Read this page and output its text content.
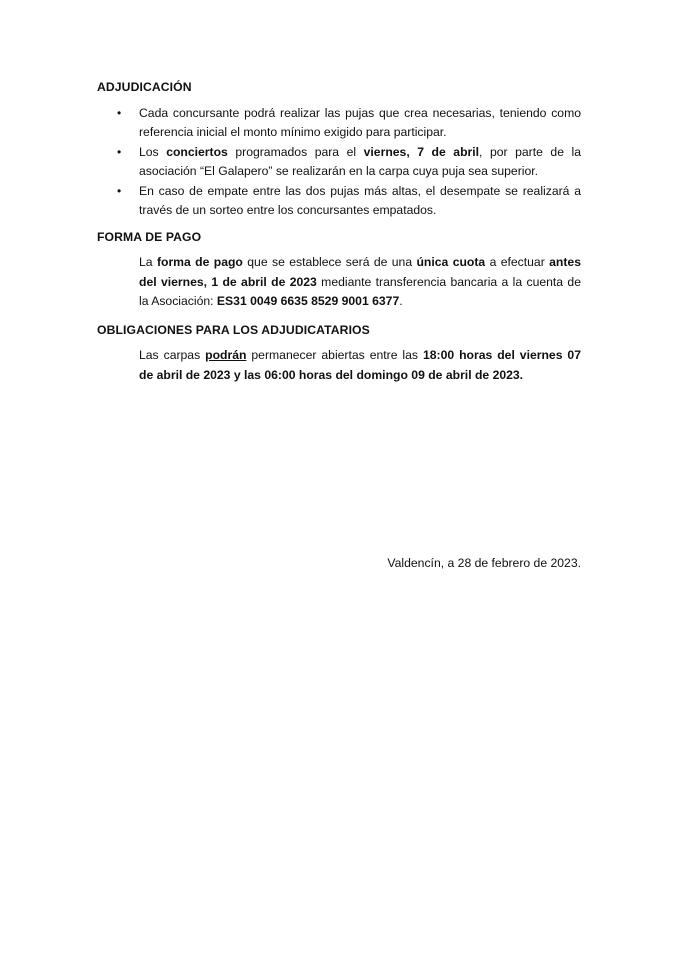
ADJUDICACIÓN
• Cada concursante podrá realizar las pujas que crea necesarias, teniendo como referencia inicial el monto mínimo exigido para participar.
• Los conciertos programados para el viernes, 7 de abril, por parte de la asociación “El Galapero” se realizarán en la carpa cuya puja sea superior.
• En caso de empate entre las dos pujas más altas, el desempate se realizará a través de un sorteo entre los concursantes empatados.
FORMA DE PAGO
La forma de pago que se establece será de una única cuota a efectuar antes del viernes, 1 de abril de 2023 mediante transferencia bancaria a la cuenta de la Asociación: ES31 0049 6635 8529 9001 6377.
OBLIGACIONES PARA LOS ADJUDICATARIOS
Las carpas podrán permanecer abiertas entre las 18:00 horas del viernes 07 de abril de 2023 y las 06:00 horas del domingo 09 de abril de 2023.
Valdencín, a 28 de febrero de 2023.
